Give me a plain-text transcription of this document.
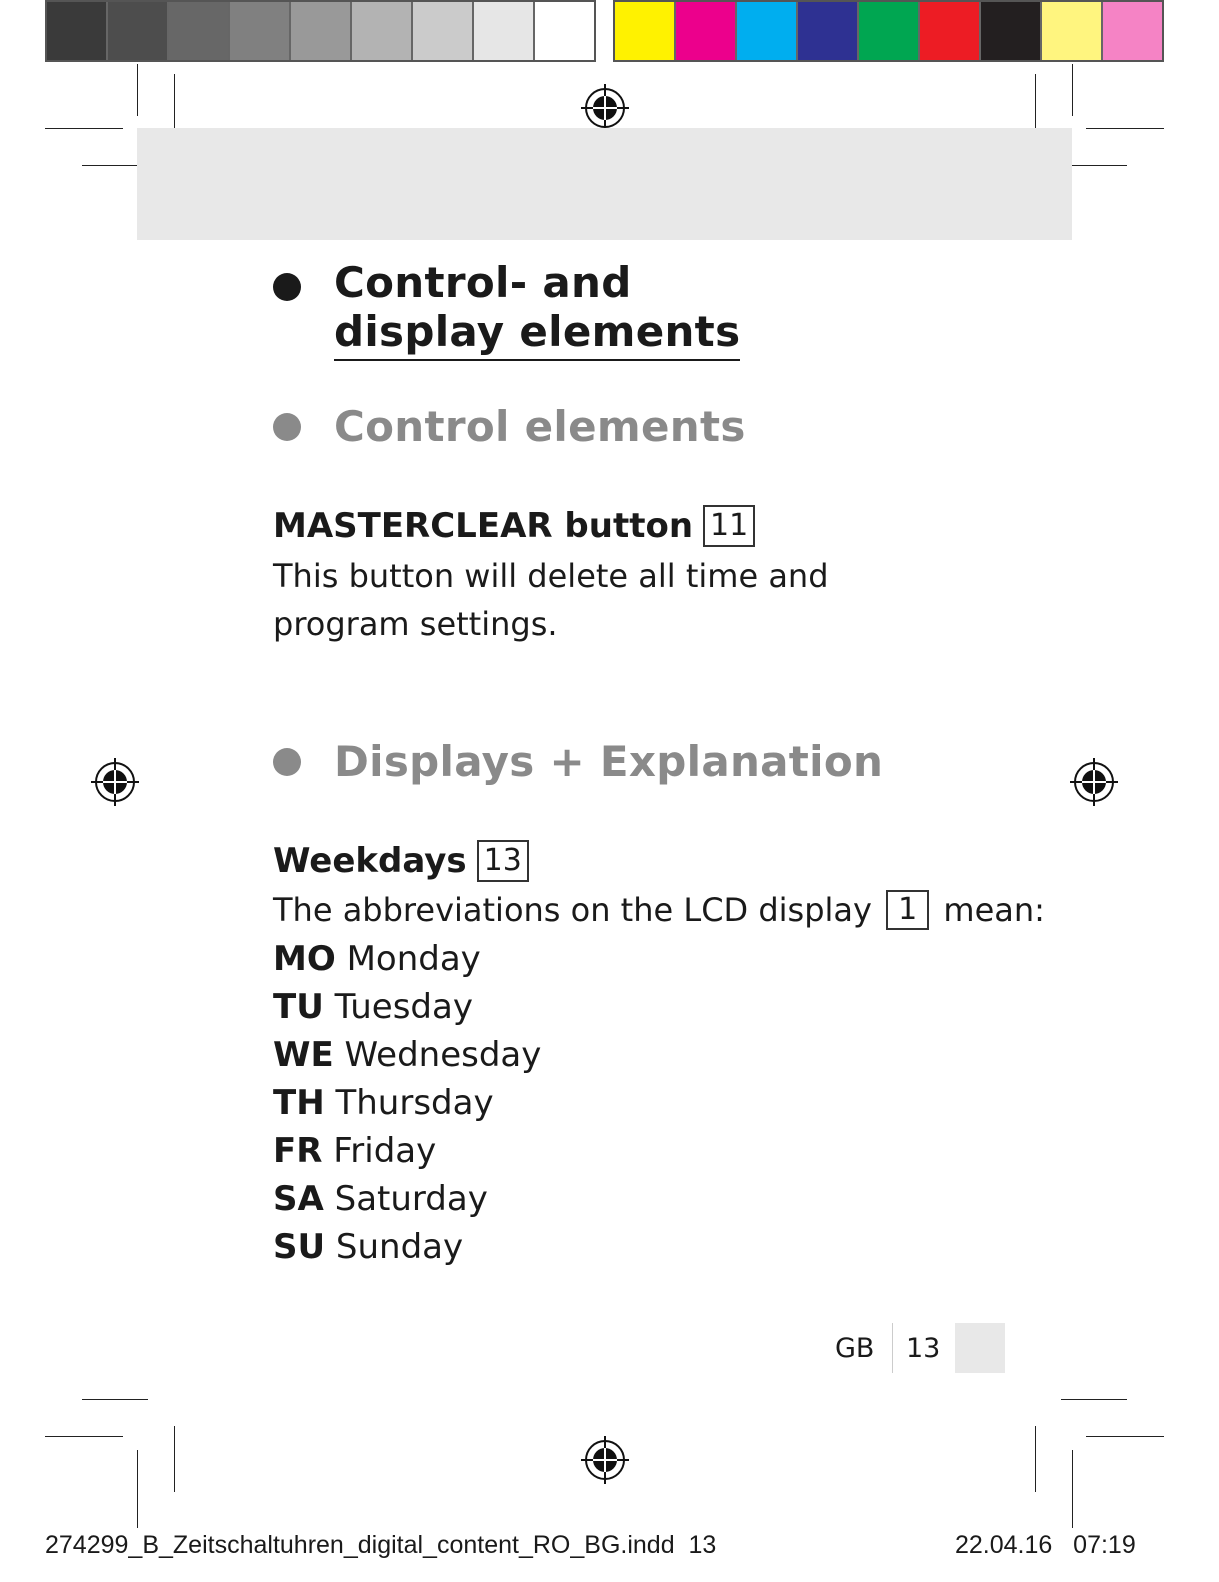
Control- and
display elements
Control elements
MASTERCLEAR button 11
This button will delete all time and program settings.
Displays + Explanation
Weekdays 13
The abbreviations on the LCD display 1 mean:
MO Monday
TU Tuesday
WE Wednesday
TH Thursday
FR Friday
SA Saturday
SU Sunday
GB 13
274299_B_Zeitschaltuhren_digital_content_RO_BG.indd 13	22.04.16 07:19
